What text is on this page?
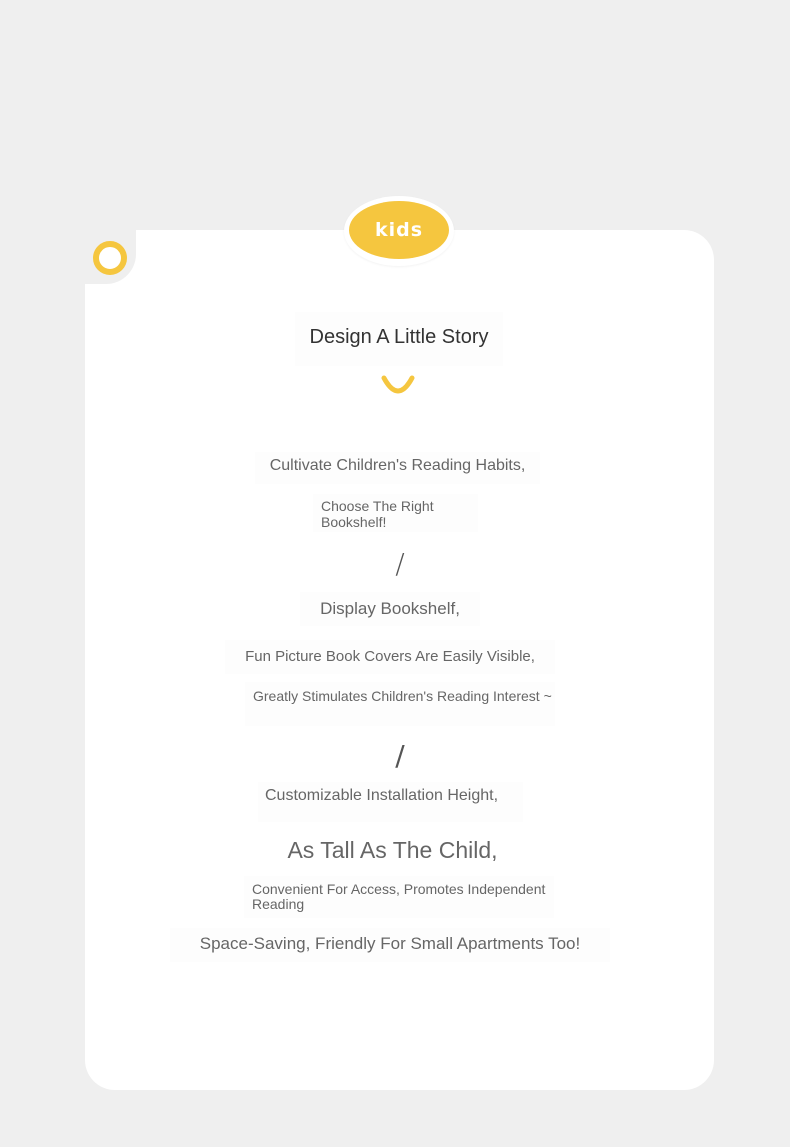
kids
Design A Little Story
Cultivate Children's Reading Habits,
Choose The Right Bookshelf!
/
Display Bookshelf,
Fun Picture Book Covers Are Easily Visible,
Greatly Stimulates Children's Reading Interest ~
/
Customizable Installation Height,
As Tall As The Child,
Convenient For Access, Promotes Independent Reading
Space-Saving, Friendly For Small Apartments Too!
